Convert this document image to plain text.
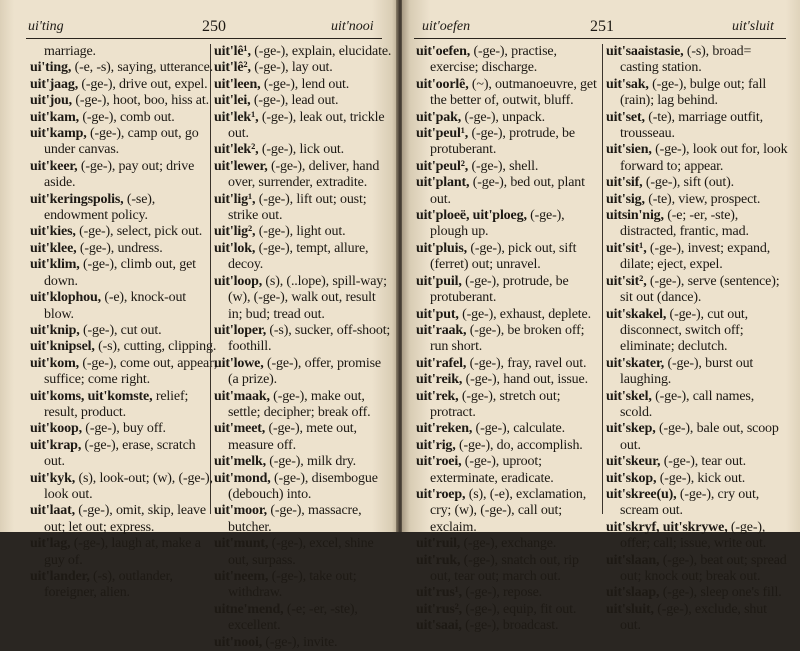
ui'ting	250	uit'nooi

marriage.

ui'ting, (-e, -s), saying, utterance.

uit'jaag, (-ge-), drive out, expel.

uit'jou, (-ge-), hoot, boo, hiss at.

uit'kam, (-ge-), comb out.

uit'kamp, (-ge-), camp out, go under canvas.

uit'keer, (-ge-), pay out; drive aside.

uit'keringspolis, (-se), endowment policy.

uit'kies, (-ge-), select, pick out.

uit'klee, (-ge-), undress.

uit'klim, (-ge-), climb out, get down.

uit'klophou, (-e), knock-out blow.

uit'knip, (-ge-), cut out.

uit'knipsel, (-s), cutting, clipping.

uit'kom, (-ge-), come out, appear; suffice; come right.

uit'koms, uit'komste, relief; result, product.

uit'koop, (-ge-), buy off.

uit'krap, (-ge-), erase, scratch out.

uit'kyk, (s), look-out; (w), (-ge-), look out.

uit'laat, (-ge-), omit, skip, leave out; let out; express.

uit'lag, (-ge-), laugh at, make a guy of.

uit'lander, (-s), outlander, foreigner, alien.

uit'lê¹, (-ge-), explain, elucidate.

uit'lê², (-ge-), lay out.

uit'leen, (-ge-), lend out.

uit'lei, (-ge-), lead out.

uit'lek¹, (-ge-), leak out, trickle out.

uit'lek², (-ge-), lick out.

uit'lewer, (-ge-), deliver, hand over, surrender, extradite.

uit'lig¹, (-ge-), lift out; oust; strike out.

uit'lig², (-ge-), light out.

uit'lok, (-ge-), tempt, allure, decoy.

uit'loop, (s), (..lope), spill-way; (w), (-ge-), walk out, result in; bud; tread out.

uit'loper, (-s), sucker, off-shoot; foothill.

uit'lowe, (-ge-), offer, promise (a prize).

uit'maak, (-ge-), make out, settle; decipher; break off.

uit'meet, (-ge-), mete out, measure off.

uit'melk, (-ge-), milk dry.

uit'mond, (-ge-), disembogue (debouch) into.

uit'moor, (-ge-), massacre, butcher.

uit'munt, (-ge-), excel, shine out, surpass.

uit'neem, (-ge-), take out; withdraw.

uitne'mend, (-e; -er, -ste), excellent.

uit'nooi, (-ge-), invite.

uit'oefen	251	uit'sluit

uit'oefen, (-ge-), practise, exercise; discharge.

uit'oorlê, (~), outmanoeuvre, get the better of, outwit, bluff.

uit'pak, (-ge-), unpack.

uit'peul¹, (-ge-), protrude, be protuberant.

uit'peul², (-ge-), shell.

uit'plant, (-ge-), bed out, plant out.

uit'ploeë, uit'ploeg, (-ge-), plough up.

uit'pluis, (-ge-), pick out, sift (ferret) out; unravel.

uit'puil, (-ge-), protrude, be protuberant.

uit'put, (-ge-), exhaust, deplete.

uit'raak, (-ge-), be broken off; run short.

uit'rafel, (-ge-), fray, ravel out.

uit'reik, (-ge-), hand out, issue.

uit'rek, (-ge-), stretch out; protract.

uit'reken, (-ge-), calculate.

uit'rig, (-ge-), do, accomplish.

uit'roei, (-ge-), uproot; exterminate, eradicate.

uit'roep, (s), (-e), exclamation, cry; (w), (-ge-), call out; exclaim.

uit'ruil, (-ge-), exchange.

uit'ruk, (-ge-), snatch out, rip out, tear out; march out.

uit'rus¹, (-ge-), repose.

uit'rus², (-ge-), equip, fit out.

uit'saai, (-ge-), broadcast.

uit'saaistasie, (-s), broad= casting station.

uit'sak, (-ge-), bulge out; fall (rain); lag behind.

uit'set, (-te), marriage outfit, trousseau.

uit'sien, (-ge-), look out for, look forward to; appear.

uit'sif, (-ge-), sift (out).

uit'sig, (-te), view, prospect.

uitsin'nig, (-e; -er, -ste), distracted, frantic, mad.

uit'sit¹, (-ge-), invest; expand, dilate; eject, expel.

uit'sit², (-ge-), serve (sentence); sit out (dance).

uit'skakel, (-ge-), cut out, disconnect, switch off; eliminate; declutch.

uit'skater, (-ge-), burst out laughing.

uit'skel, (-ge-), call names, scold.

uit'skep, (-ge-), bale out, scoop out.

uit'skeur, (-ge-), tear out.

uit'skop, (-ge-), kick out.

uit'skree(u), (-ge-), cry out, scream out.

uit'skryf, uit'skrywe, (-ge-), offer; call; issue, write out.

uit'slaan, (-ge-), beat out; spread out; knock out; break out.

uit'slaap, (-ge-), sleep one's fill.

uit'sluit, (-ge-), exclude, shut out.
